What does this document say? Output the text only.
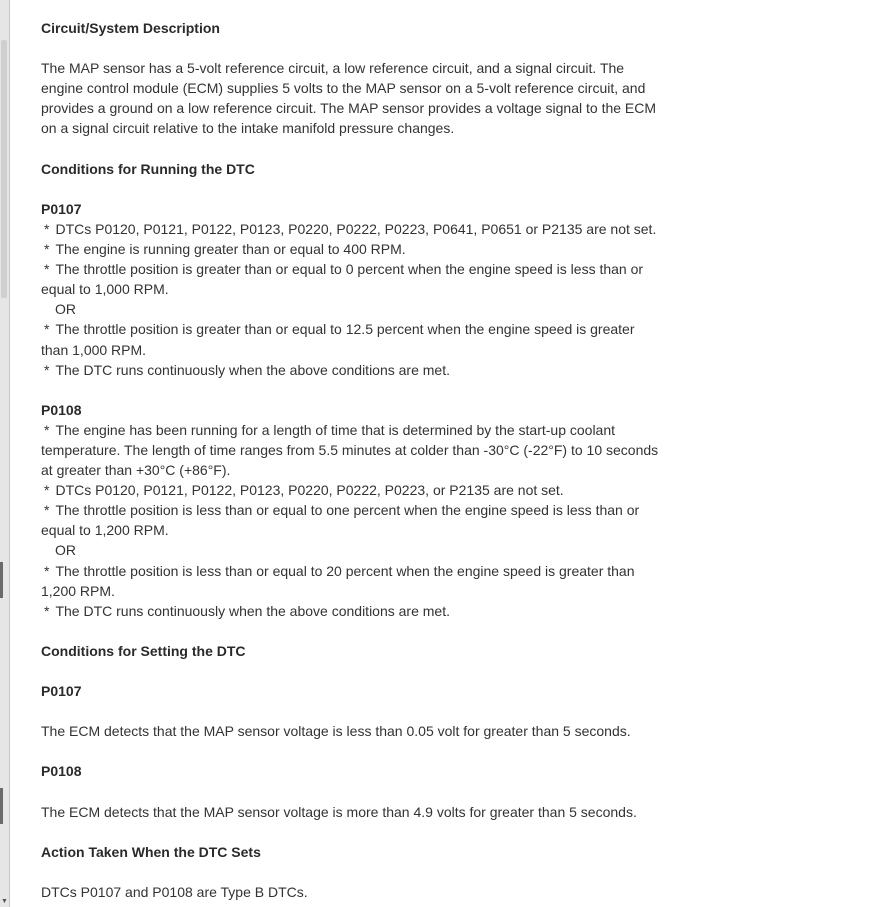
▼

Circuit/System Description

The MAP sensor has a 5-volt reference circuit, a low reference circuit, and a signal circuit. The engine control module (ECM) supplies 5 volts to the MAP sensor on a 5-volt reference circuit, and provides a ground on a low reference circuit. The MAP sensor provides a voltage signal to the ECM on a signal circuit relative to the intake manifold pressure changes.

Conditions for Running the DTC

P0107

* DTCs P0120, P0121, P0122, P0123, P0220, P0222, P0223, P0641, P0651 or P2135 are not set.

* The engine is running greater than or equal to 400 RPM.

* The throttle position is greater than or equal to 0 percent when the engine speed is less than or equal to 1,000 RPM.

OR

* The throttle position is greater than or equal to 12.5 percent when the engine speed is greater than 1,000 RPM.

* The DTC runs continuously when the above conditions are met.

P0108

* The engine has been running for a length of time that is determined by the start-up coolant temperature. The length of time ranges from 5.5 minutes at colder than -30°C (-22°F) to 10 seconds at greater than +30°C (+86°F).

* DTCs P0120, P0121, P0122, P0123, P0220, P0222, P0223, or P2135 are not set.

* The throttle position is less than or equal to one percent when the engine speed is less than or equal to 1,200 RPM.

OR

* The throttle position is less than or equal to 20 percent when the engine speed is greater than 1,200 RPM.

* The DTC runs continuously when the above conditions are met.

Conditions for Setting the DTC

P0107

The ECM detects that the MAP sensor voltage is less than 0.05 volt for greater than 5 seconds.

P0108

The ECM detects that the MAP sensor voltage is more than 4.9 volts for greater than 5 seconds.

Action Taken When the DTC Sets

DTCs P0107 and P0108 are Type B DTCs.
